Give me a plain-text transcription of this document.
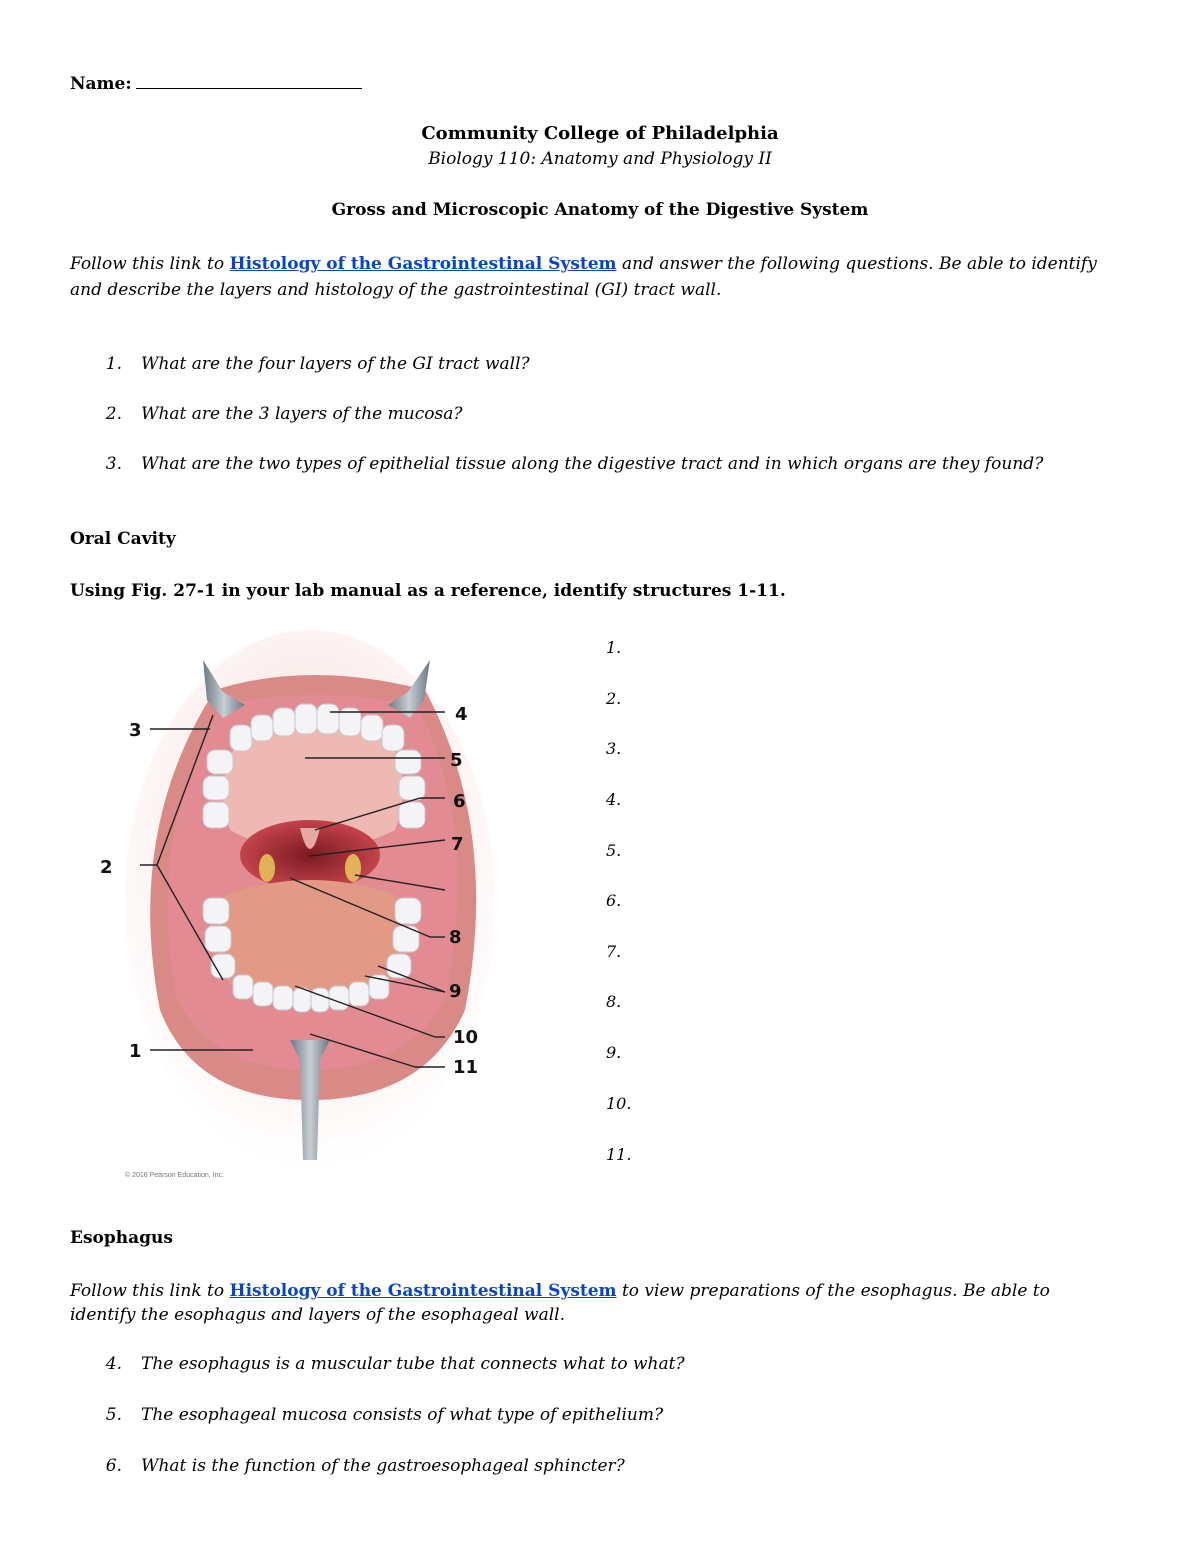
Name:
Community College of Philadelphia
Biology 110: Anatomy and Physiology II
Gross and Microscopic Anatomy of the Digestive System
Follow this link to Histology of the Gastrointestinal System and answer the following questions. Be able to identify
and describe the layers and histology of the gastrointestinal (GI) tract wall.
1. What are the four layers of the GI tract wall?
2. What are the 3 layers of the mucosa?
3. What are the two types of epithelial tissue along the digestive tract and in which organs are they found?
Oral Cavity
Using Fig. 27-1 in your lab manual as a reference, identify structures 1-11.
4
5
6
7
8
9
10
11
3
2
1
© 2016 Pearson Education, Inc.
1.
2.
3.
4.
5.
6.
7.
8.
9.
10.
11.
Esophagus
Follow this link to Histology of the Gastrointestinal System to view preparations of the esophagus. Be able to
identify the esophagus and layers of the esophageal wall.
4. The esophagus is a muscular tube that connects what to what?
5. The esophageal mucosa consists of what type of epithelium?
6. What is the function of the gastroesophageal sphincter?
